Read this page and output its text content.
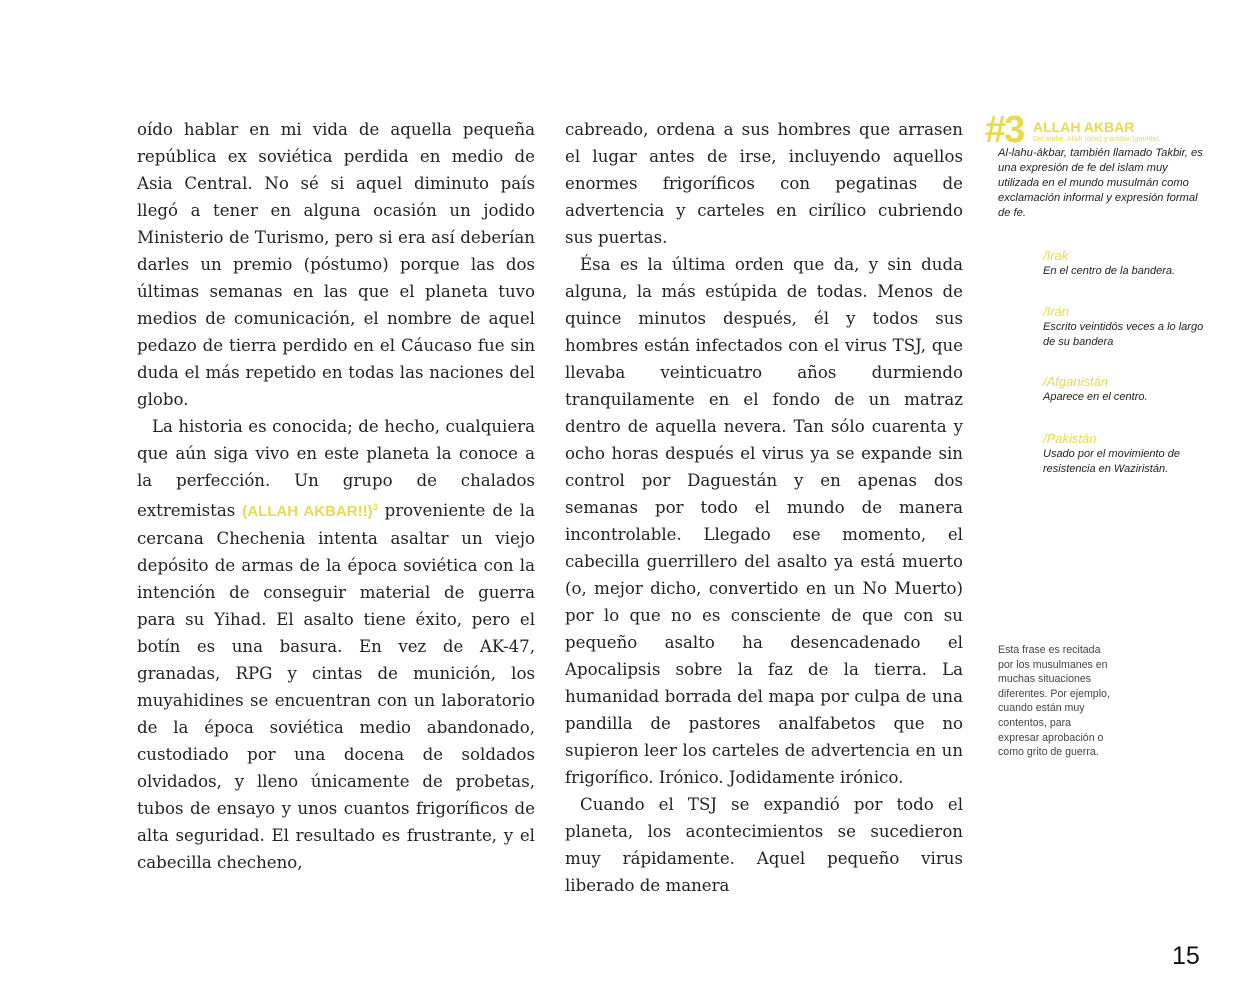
oído hablar en mi vida de aquella pequeña república ex soviética perdida en medio de Asia Central. No sé si aquel diminuto país llegó a tener en alguna ocasión un jodido Ministerio de Turismo, pero si era así deberían darles un premio (póstumo) porque las dos últimas semanas en las que el planeta tuvo medios de comunicación, el nombre de aquel pedazo de tierra perdido en el Cáucaso fue sin duda el más repetido en todas las naciones del globo.

La historia es conocida; de hecho, cualquiera que aún siga vivo en este planeta la conoce a la perfección. Un grupo de chalados extremistas (ALLAH AKBAR!!)$^3$ proveniente de la cercana Chechenia intenta asaltar un viejo depósito de armas de la época soviética con la intención de conseguir material de guerra para su Yihad. El asalto tiene éxito, pero el botín es una basura. En vez de AK-47, granadas, RPG y cintas de munición, los muyahidines se encuentran con un laboratorio de la época soviética medio abandonado, custodiado por una docena de soldados olvidados, y lleno únicamente de probetas, tubos de ensayo y unos cuantos frigoríficos de alta seguridad. El resultado es frustrante, y el cabecilla checheno,

cabreado, ordena a sus hombres que arrasen el lugar antes de irse, incluyendo aquellos enormes frigoríficos con pegatinas de advertencia y carteles en cirílico cubriendo sus puertas.

Ésa es la última orden que da, y sin duda alguna, la más estúpida de todas. Menos de quince minutos después, él y todos sus hombres están infectados con el virus TSJ, que llevaba veinticuatro años durmiendo tranquilamente en el fondo de un matraz dentro de aquella nevera. Tan sólo cuarenta y ocho horas después el virus ya se expande sin control por Daguestán y en apenas dos semanas por todo el mundo de manera incontrolable. Llegado ese momento, el cabecilla guerrillero del asalto ya está muerto (o, mejor dicho, convertido en un No Muerto) por lo que no es consciente de que con su pequeño asalto ha desencadenado el Apocalipsis sobre la faz de la tierra. La humanidad borrada del mapa por culpa de una pandilla de pastores analfabetos que no supieron leer los carteles de advertencia en un frigorífico. Irónico. Jodidamente irónico.

Cuando el TSJ se expandió por todo el planeta, los acontecimientos se sucedieron muy rápidamente. Aquel pequeño virus liberado de manera

#3 ALLAH AKBAR
Del árabe. Allah (dios) y ackbar (grande).
Al-lahu-ákbar, también llamado Takbir, es una expresión de fe del islam muy utilizada en el mundo musulmán como exclamación informal y expresión formal de fe.
/Irak
En el centro de la bandera.
/Irán
Escrito veintidós veces a lo largo de su bandera
/Afganistán
Aparece en el centro.
/Pakistán
Usado por el movimiento de resistencia en Waziristán.
Esta frase es recitada por los musulmanes en muchas situaciones diferentes. Por ejemplo, cuando están muy contentos, para expresar aprobación o como grito de guerra.
15
